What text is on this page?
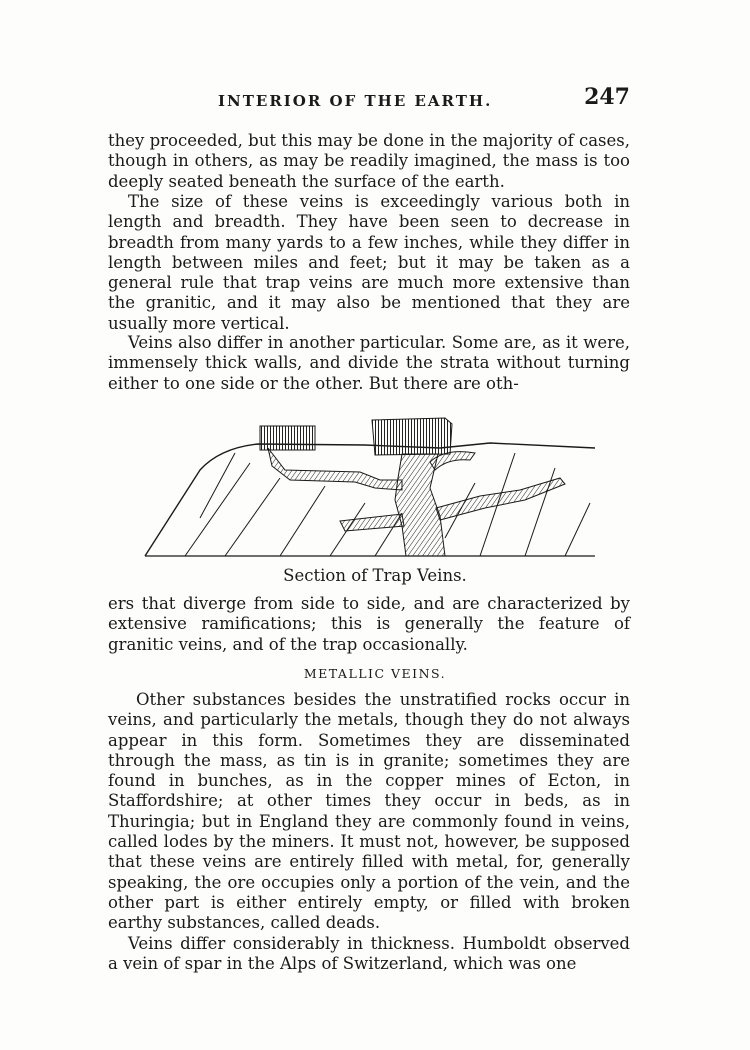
INTERIOR OF THE EARTH.	247

they proceeded, but this may be done in the majority of cases, though in others, as may be readily imagined, the mass is too deeply seated beneath the surface of the earth.

The size of these veins is exceedingly various both in length and breadth. They have been seen to decrease in breadth from many yards to a few inches, while they differ in length between miles and feet; but it may be taken as a general rule that trap veins are much more extensive than the granitic, and it may also be mentioned that they are usually more vertical.

Veins also differ in another particular. Some are, as it were, immensely thick walls, and divide the strata without turning either to one side or the other. But there are oth-

Section of Trap Veins.

ers that diverge from side to side, and are characterized by extensive ramifications; this is generally the feature of granitic veins, and of the trap occasionally.

METALLIC VEINS.

Other substances besides the unstratified rocks occur in veins, and particularly the metals, though they do not always appear in this form. Sometimes they are disseminated through the mass, as tin is in granite; sometimes they are found in bunches, as in the copper mines of Ecton, in Staffordshire; at other times they occur in beds, as in Thuringia; but in England they are commonly found in veins, called lodes by the miners. It must not, however, be supposed that these veins are entirely filled with metal, for, generally speaking, the ore occupies only a portion of the vein, and the other part is either entirely empty, or filled with broken earthy substances, called deads.

Veins differ considerably in thickness. Humboldt observed a vein of spar in the Alps of Switzerland, which was one
